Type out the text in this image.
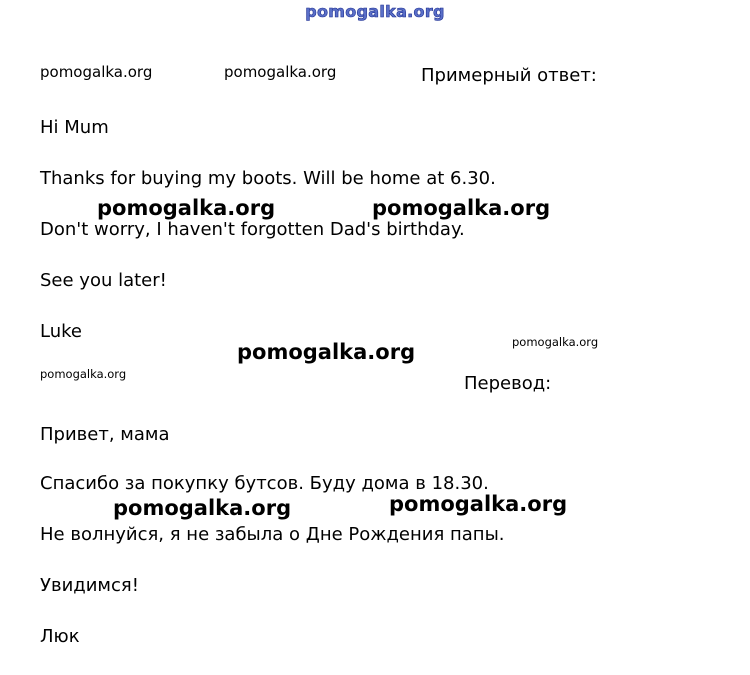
pomogalka.org
pomogalka.org	pomogalka.org	Примерный ответ:
Hi Mum
Thanks for buying my boots. Will be home at 6.30.
pomogalka.org	pomogalka.org
Don't worry, I haven't forgotten Dad's birthday.
See you later!
Luke	pomogalka.org
pomogalka.org
pomogalka.org	Перевод:
Привет, мама
Спасибо за покупку бутсов. Буду дома в 18.30.
pomogalka.org
pomogalka.org
Не волнуйся, я не забыла о Дне Рождения папы.
Увидимся!
Люк
